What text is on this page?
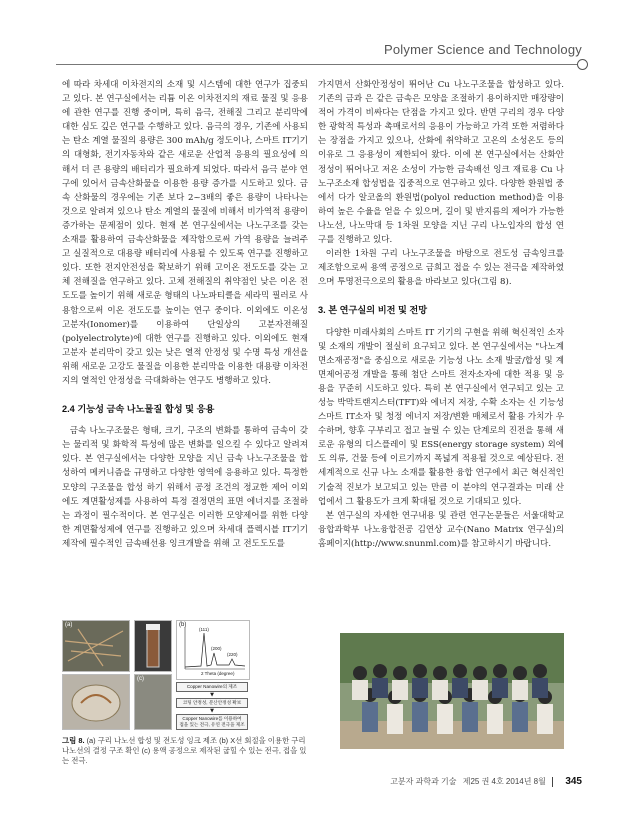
Polymer Science and Technology

에 따라 차세대 이차전지의 소재 및 시스템에 대한 연구가 집중되고 있다. 본 연구실에서는 리튬 이온 이차전지의 재료 물질 및 응용에 관한 연구를 진행 중이며, 특히 음극, 전해질 그리고 분리막에 대한 심도 깊은 연구를 수행하고 있다. 음극의 경우, 기존에 사용되는 탄소 계열 물질의 용량은 300 mAh/g 정도이나, 스마트 IT기기의 대형화, 전기자동차와 같은 새로운 산업적 응용의 필요성에 의해서 더 큰 용량의 배터리가 필요하게 되었다. 따라서 음극 분야 연구에 있어서 금속산화물을 이용한 용량 증가를 시도하고 있다. 금속 산화물의 경우에는 기존 보다 2~3배의 좋은 용량이 나타나는 것으로 알려져 있으나 탄소 계열의 물질에 비해서 비가역적 용량이 증가하는 문제점이 있다. 현재 본 연구실에서는 나노구조를 갖는 소재를 활용하여 금속산화물을 제작함으로써 가역 용량을 늘려주고 실질적으로 대용량 배터리에 사용될 수 있도록 연구를 진행하고 있다. 또한 전지안전성을 확보하기 위해 고이온 전도도를 갖는 고체 전해질을 연구하고 있다. 고체 전해질의 취약점인 낮은 이온 전도도를 높이기 위해 새로운 형태의 나노파티클을 세라믹 필러로 사용함으로써 이온 전도도를 높이는 연구 중이다. 이외에도 이온성 고분자(Ionomer)를 이용하여 단일상의 고분자전해질(polyelectrolyte)에 대한 연구를 진행하고 있다. 이외에도 현재 고분자 분리막이 갖고 있는 낮은 열적 안정성 및 수명 특성 개선을 위해 새로운 고강도 물질을 이용한 분리막을 이용한 대용량 이차전지의 열적인 안정성을 극대화하는 연구도 병행하고 있다.

2.4 기능성 금속 나노물질 합성 및 응용

금속 나노구조물은 형태, 크기, 구조의 변화를 통하여 금속이 갖는 물리적 및 화학적 특성에 많은 변화를 일으킬 수 있다고 알려져 있다. 본 연구실에서는 다양한 모양을 지닌 금속 나노구조물을 합성하여 메커니즘을 규명하고 다양한 영역에 응용하고 있다. 특정한 모양의 구조물을 합성 하기 위해서 공정 조건의 정교한 제어 이외에도 계면활성제를 사용하여 특정 결정면의 표면 에너지를 조절하는 과정이 필수적이다. 본 연구실은 이러한 모양제어를 위한 다양한 계면활성제에 연구를 진행하고 있으며 차세대 플렉시블 IT기기 제작에 필수적인 금속배선용 잉크개발을 위해 고 전도도도를

가지면서 산화안정성이 뛰어난 Cu 나노구조물을 합성하고 있다. 기존의 금과 은 같은 금속은 모양을 조절하기 용이하지만 매장량이 적어 가격이 비싸다는 단점을 가지고 있다. 반면 구리의 경우 다양한 광학적 특성과 촉매로서의 응용이 가능하고 가격 또한 저렴하다는 장점을 가지고 있으나, 산화에 취약하고 고온의 소성온도 등의 이유로 그 응용성이 제한되어 왔다. 이에 본 연구실에서는 산화안정성이 뛰어나고 저온 소성이 가능한 금속배선 잉크 재료용 Cu 나노구조소재 합성법을 집중적으로 연구하고 있다. 다양한 환원법 중에서 다가 알코올의 환원법(polyol reduction method)을 이용하여 높은 수율을 얻을 수 있으며, 길이 및 반지름의 제어가 가능한 나노선, 나노막대 등 1차원 모양을 지닌 구리 나노입자의 합성 연구를 진행하고 있다.

이러한 1차원 구리 나노구조물을 바탕으로 전도성 금속잉크를 제조함으로써 용액 공정으로 금희고 접을 수 있는 전극을 제작하였으며 투명전극으로의 활용을 바라보고 있다(그림 8).

3. 본 연구실의 비전 및 전망

다양한 미래사회의 스마트 IT 기기의 구현을 위해 혁신적인 소자 및 소재의 개발이 절실히 요구되고 있다. 본 연구실에서는 "나노계면소재공정"을 중심으로 새로운 기능성 나노 소재 발굴/합성 및 계면제어공정 개발을 통해 첨단 스마트 전자소자에 대한 적용 및 응용을 꾸준히 시도하고 있다. 특히 본 연구실에서 연구되고 있는 고성능 박막트랜지스터(TFT)와 에너지 저장, 수확 소자는 신 기능성 스마트 IT소자 및 청정 에너지 저장/변환 매체로서 활용 가치가 우수하며, 향후 구부리고 접고 늘릴 수 있는 단계로의 진전을 통해 새로운 유형의 디스플레이 및 ESS(energy storage system) 외에도 의류, 건물 등에 이르기까지 폭넓게 적용될 것으로 예상된다. 전 세계적으로 신규 나노 소재를 활용한 융합 연구에서 최근 혁신적인 기술적 진보가 보고되고 있는 만큼 이 분야의 연구결과는 미래 산업에서 그 활용도가 크게 확대될 것으로 기대되고 있다.

본 연구실의 자세한 연구내용 및 관련 연구논문들은 서울대학교 융합과학부 나노융합전공 김연상 교수(Nano Matrix 연구실)의 홈페이지(http://www.snunml.com)를 참고하시기 바랍니다.

(a)	(b)
(111)
(200)
(220)
2 Theta (degree)
(c)
Copper Nanowire의 제조
▼
코팅 안정성, 분산안정성 확보
▼
Copper Nanowire를 이용하여
접을 있는 전극, 유연 전극을 제조
그림 8. (a) 구리 나노선 합성 및 전도성 잉크 제조 (b) X선 회절을 이용한 구리 나노선의 결정 구조 확인 (c) 용액 공정으로 제작된 굽힐 수 있는 전극, 접을 있는 전극.
고분자 과학과 기술 제25 권 4호 2014년 8월 345
